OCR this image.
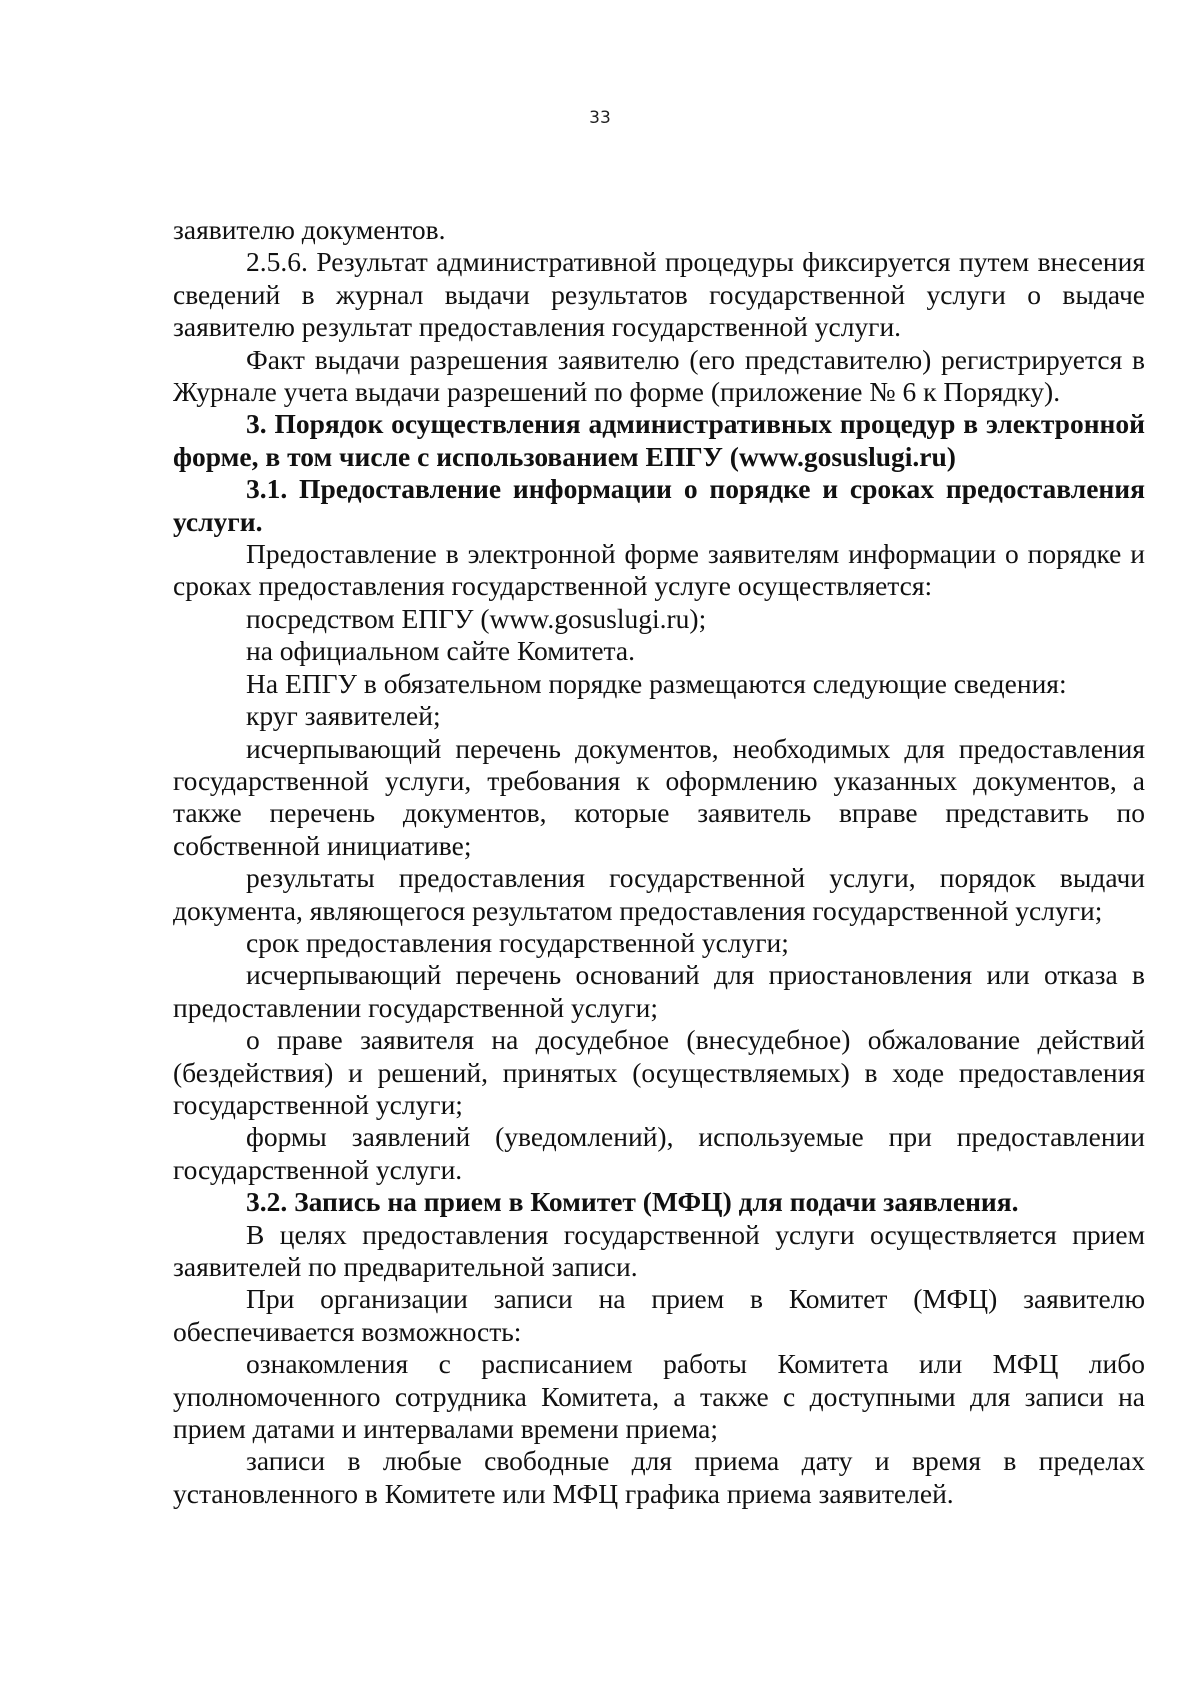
33

заявителю документов.

2.5.6. Результат административной процедуры фиксируется путем внесения сведений в журнал выдачи результатов государственной услуги о выдаче заявителю результат предоставления государственной услуги.

Факт выдачи разрешения заявителю (его представителю) регистрируется в Журнале учета выдачи разрешений по форме (приложение № 6 к Порядку).

3. Порядок осуществления административных процедур в электронной форме, в том числе с использованием ЕПГУ (www.gosuslugi.ru)

3.1. Предоставление информации о порядке и сроках предоставления услуги.

Предоставление в электронной форме заявителям информации о порядке и сроках предоставления государственной услуге осуществляется:

посредством ЕПГУ (www.gosuslugi.ru);

на официальном сайте Комитета.

На ЕПГУ в обязательном порядке размещаются следующие сведения:

круг заявителей;

исчерпывающий перечень документов, необходимых для предоставления государственной услуги, требования к оформлению указанных документов, а также перечень документов, которые заявитель вправе представить по собственной инициативе;

результаты предоставления государственной услуги, порядок выдачи документа, являющегося результатом предоставления государственной услуги;

срок предоставления государственной услуги;

исчерпывающий перечень оснований для приостановления или отказа в предоставлении государственной услуги;

о праве заявителя на досудебное (внесудебное) обжалование действий (бездействия) и решений, принятых (осуществляемых) в ходе предоставления государственной услуги;

формы заявлений (уведомлений), используемые при предоставлении государственной услуги.

3.2. Запись на прием в Комитет (МФЦ) для подачи заявления.

В целях предоставления государственной услуги осуществляется прием заявителей по предварительной записи.

При организации записи на прием в Комитет (МФЦ) заявителю обеспечивается возможность:

ознакомления с расписанием работы Комитета или МФЦ либо уполномоченного сотрудника Комитета, а также с доступными для записи на прием датами и интервалами времени приема;

записи в любые свободные для приема дату и время в пределах установленного в Комитете или МФЦ графика приема заявителей.
